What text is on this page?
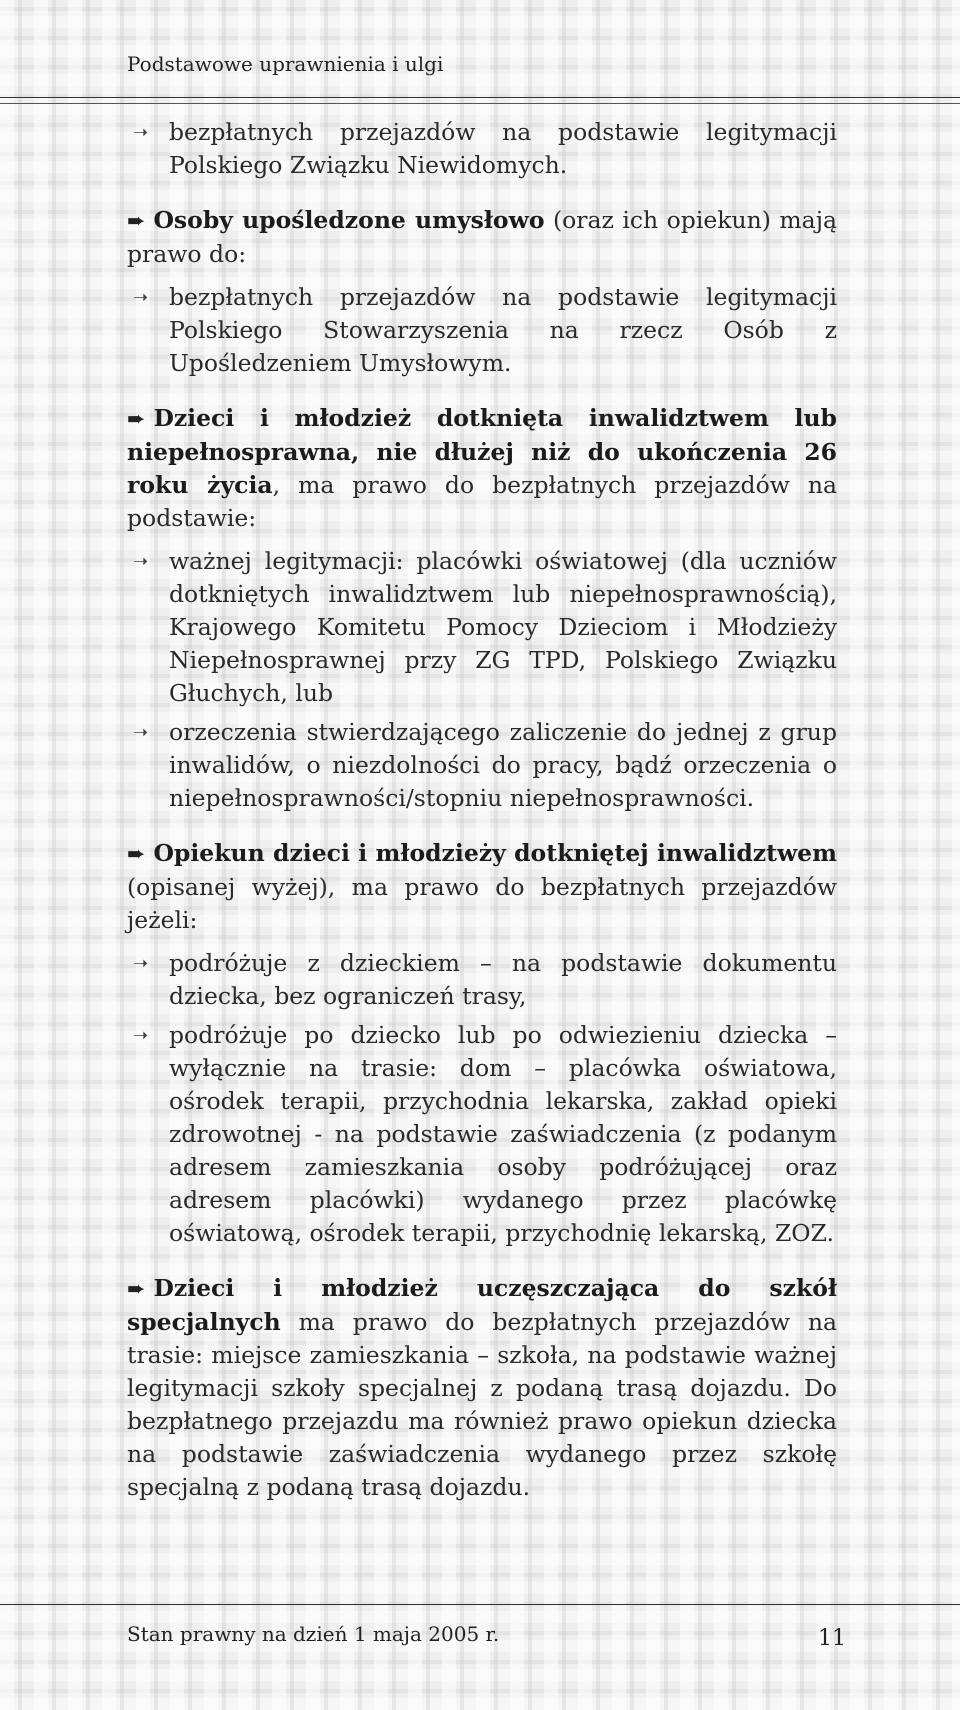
Podstawowe uprawnienia i ulgi
➝ bezpłatnych przejazdów na podstawie legitymacji Polskiego Związku Niewidomych.
➨ Osoby upośledzone umysłowo (oraz ich opiekun) mają prawo do:
➝ bezpłatnych przejazdów na podstawie legitymacji Polskiego Stowarzyszenia na rzecz Osób z Upośledzeniem Umysłowym.
➨ Dzieci i młodzież dotknięta inwalidztwem lub niepełnosprawna, nie dłużej niż do ukończenia 26 roku życia, ma prawo do bezpłatnych przejazdów na podstawie:
➝ ważnej legitymacji: placówki oświatowej (dla uczniów dotkniętych inwalidztwem lub niepełnosprawnością), Krajowego Komitetu Pomocy Dzieciom i Młodzieży Niepełnosprawnej przy ZG TPD, Polskiego Związku Głuchych, lub
➝ orzeczenia stwierdzającego zaliczenie do jednej z grup inwalidów, o niezdolności do pracy, bądź orzeczenia o niepełnosprawności/stopniu niepełnosprawności.
➨ Opiekun dzieci i młodzieży dotkniętej inwalidztwem (opisanej wyżej), ma prawo do bezpłatnych przejazdów jeżeli:
➝ podróżuje z dzieckiem – na podstawie dokumentu dziecka, bez ograniczeń trasy,
➝ podróżuje po dziecko lub po odwiezieniu dziecka – wyłącznie na trasie: dom – placówka oświatowa, ośrodek terapii, przychodnia lekarska, zakład opieki zdrowotnej - na podstawie zaświadczenia (z podanym adresem zamieszkania osoby podróżującej oraz adresem placówki) wydanego przez placówkę oświatową, ośrodek terapii, przychodnię lekarską, ZOZ.
➨ Dzieci i młodzież uczęszczająca do szkół specjalnych ma prawo do bezpłatnych przejazdów na trasie: miejsce zamieszkania – szkoła, na podstawie ważnej legitymacji szkoły specjalnej z podaną trasą dojazdu. Do bezpłatnego przejazdu ma również prawo opiekun dziecka na podstawie zaświadczenia wydanego przez szkołę specjalną z podaną trasą dojazdu.
Stan prawny na dzień 1 maja 2005 r.	11
